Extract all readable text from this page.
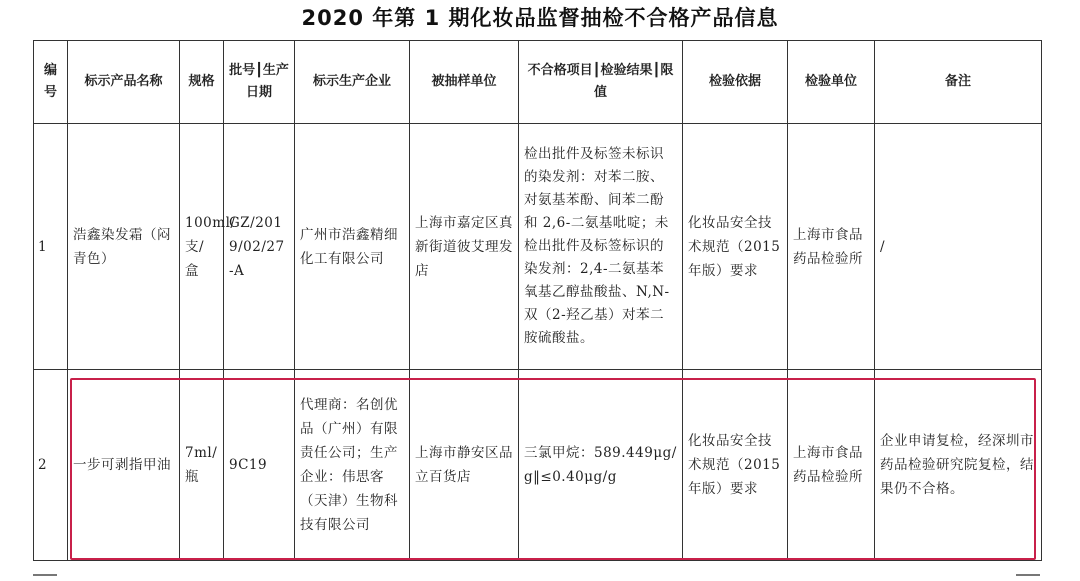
2020 年第 1 期化妆品监督抽检不合格产品信息
编号	标示产品名称	规格	批号┃生产日期	标示生产企业	被抽样单位	不合格项目┃检验结果┃限值	检验依据	检验单位	备注
1	浩鑫染发霜（闷青色）	100ml/支/盒	GZ/2019/02/27-A	广州市浩鑫精细化工有限公司	上海市嘉定区真新街道彼艾理发店	检出批件及标签未标识的染发剂：对苯二胺、对氨基苯酚、间苯二酚和 2,6-二氨基吡啶；未检出批件及标签标识的染发剂：2,4-二氨基苯氧基乙醇盐酸盐、N,N-双（2-羟乙基）对苯二胺硫酸盐。	化妆品安全技术规范（2015 年版）要求	上海市食品药品检验所	/
2	一步可剥指甲油	7ml/瓶	9C19	代理商：名创优品（广州）有限责任公司；生产企业：伟思客（天津）生物科技有限公司	上海市静安区品立百货店	三氯甲烷：589.449μg/g‖≤0.40μg/g	化妆品安全技术规范（2015 年版）要求	上海市食品药品检验所	企业申请复检，经深圳市药品检验研究院复检，结果仍不合格。
